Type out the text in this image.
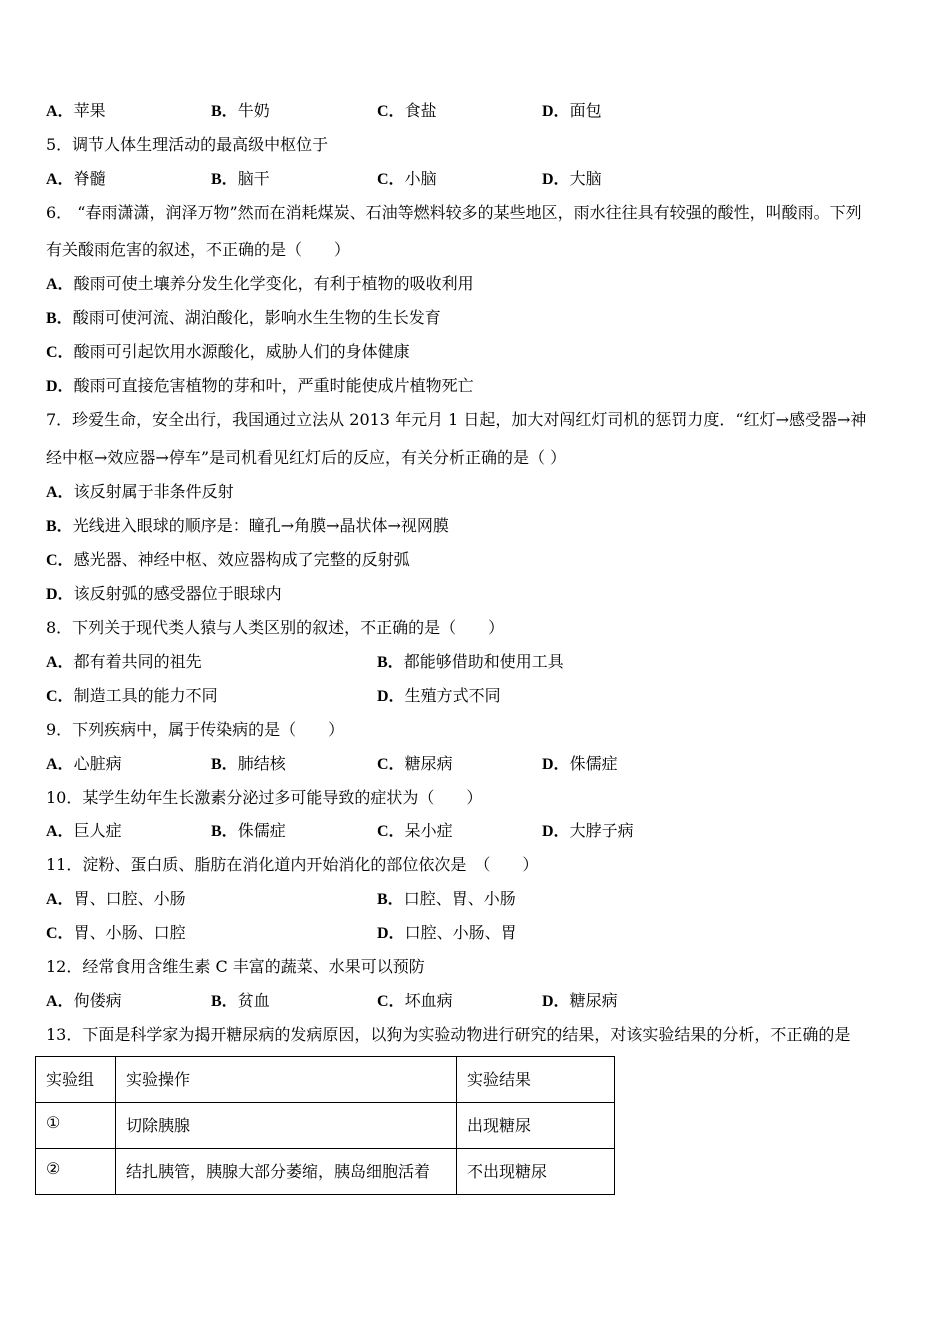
A．苹果	B．牛奶	C．食盐	D．面包
5．调节人体生理活动的最高级中枢位于
A．脊髓	B．脑干	C．小脑	D．大脑
6． “春雨潇潇，润泽万物”然而在消耗煤炭、石油等燃料较多的某些地区，雨水往往具有较强的酸性，叫酸雨。下列
有关酸雨危害的叙述，不正确的是（　　）
A．酸雨可使土壤养分发生化学变化，有利于植物的吸收利用
B．酸雨可使河流、湖泊酸化，影响水生生物的生长发育
C．酸雨可引起饮用水源酸化，威胁人们的身体健康
D．酸雨可直接危害植物的芽和叶，严重时能使成片植物死亡
7．珍爱生命，安全出行，我国通过立法从 2013 年元月 1 日起，加大对闯红灯司机的惩罚力度．“红灯→感受器→神
经中枢→效应器→停车”是司机看见红灯后的反应，有关分析正确的是（ ）
A．该反射属于非条件反射
B．光线进入眼球的顺序是：瞳孔→角膜→晶状体→视网膜
C．感光器、神经中枢、效应器构成了完整的反射弧
D．该反射弧的感受器位于眼球内
8．下列关于现代类人猿与人类区别的叙述，不正确的是（　　）
A．都有着共同的祖先	B．都能够借助和使用工具
C．制造工具的能力不同	D．生殖方式不同
9．下列疾病中，属于传染病的是（　　）
A．心脏病	B．肺结核	C．糖尿病	D．侏儒症
10．某学生幼年生长激素分泌过多可能导致的症状为（　　）
A．巨人症	B．侏儒症	C．呆小症	D．大脖子病
11．淀粉、蛋白质、脂肪在消化道内开始消化的部位依次是　（　　）
A．胃、口腔、小肠	B．口腔、胃、小肠
C．胃、小肠、口腔	D．口腔、小肠、胃
12．经常食用含维生素 C 丰富的蔬菜、水果可以预防
A．佝偻病	B．贫血	C．坏血病	D．糖尿病
13．下面是科学家为揭开糖尿病的发病原因，以狗为实验动物进行研究的结果，对该实验结果的分析，不正确的是
实验组	实验操作	实验结果
①	切除胰腺	出现糖尿
②	结扎胰管，胰腺大部分萎缩，胰岛细胞活着	不出现糖尿
